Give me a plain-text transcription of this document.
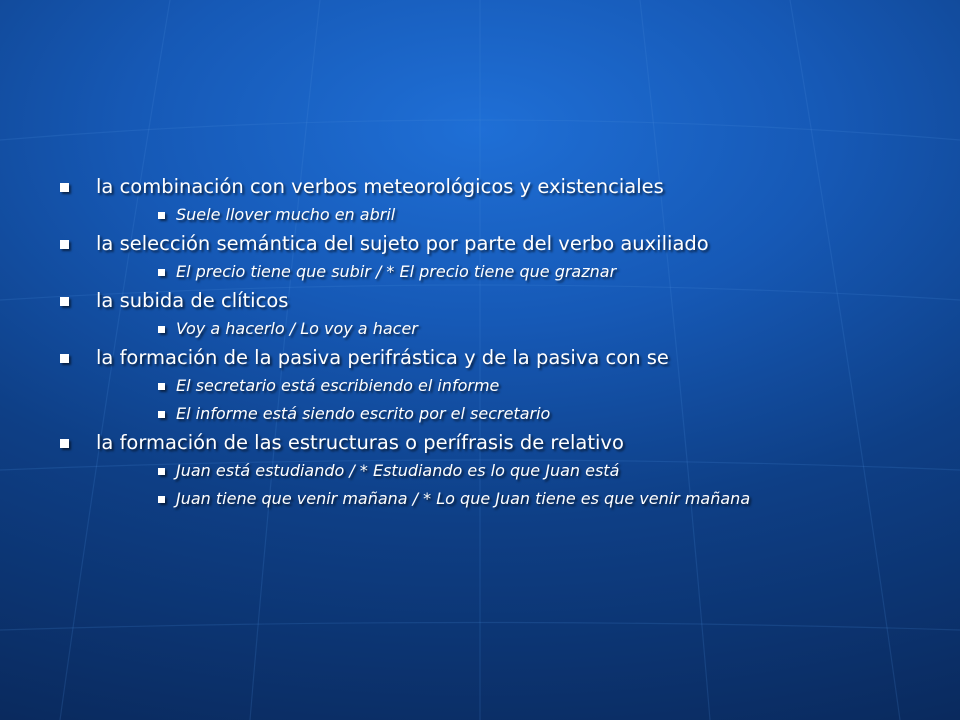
la combinación con verbos meteorológicos y existenciales
Suele llover mucho en abril
la selección semántica del sujeto por parte del verbo auxiliado
El precio tiene que subir / * El precio tiene que graznar
la subida de clíticos
Voy a hacerlo / Lo voy a hacer
la formación de la pasiva perifrástica y de la pasiva con se
El secretario está escribiendo el informe
El informe está siendo escrito por el secretario
la formación de las estructuras o perífrasis de relativo
Juan está estudiando / * Estudiando es lo que Juan está
Juan tiene que venir mañana / * Lo que Juan tiene es que venir mañana
